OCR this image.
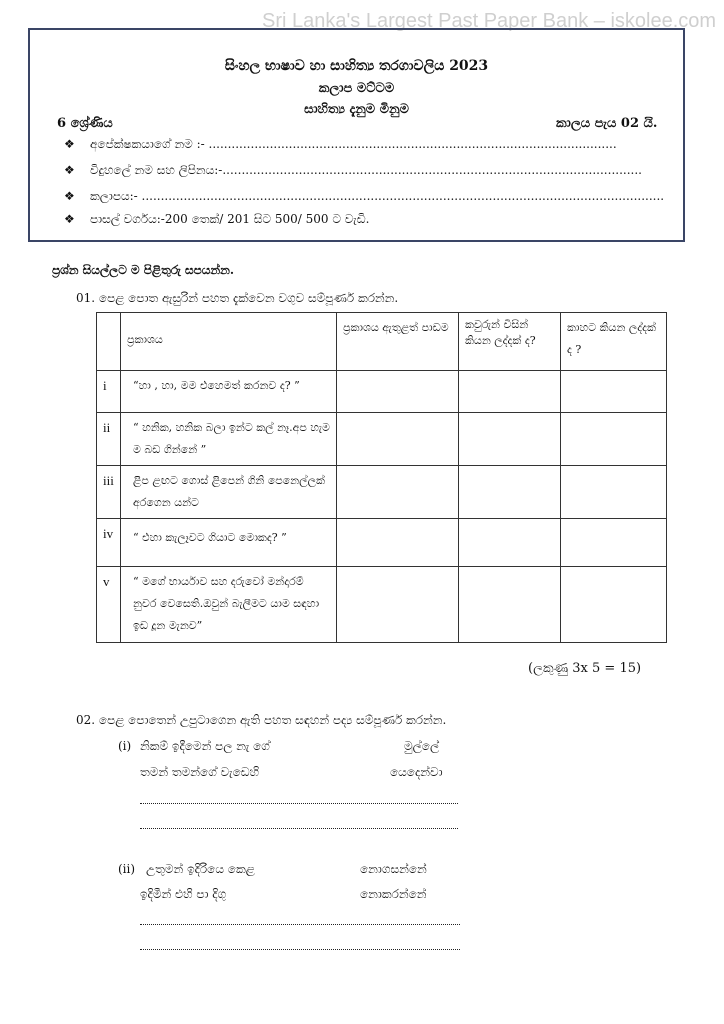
Sri Lanka's Largest Past Paper Bank – iskolee.com
සිංහල භාෂාව හා සාහිත්‍ය තරගාවලිය 2023
කලාප මට්ටම
සාහිත්‍ය දැනුම මිනුම
6 ශ්‍රේණිය	කාලය පැය 02 යි.
❖ අපේක්ෂකයාගේ නම :- ...........................................................................................................
❖ විදුහලේ නම සහ ලිපිනය:-..............................................................................................................
❖ කලාපය:- .........................................................................................................................................
❖ පාසල් වර්ගය:-200 තෙක්/ 201 සිට 500/ 500 ට වැඩි.
ප්‍රශ්න සියල්ලට ම පිළිතුරු සපයන්න.
01. පෙළ පොත ඇසුරින් පහත දැක්වෙන වගුව සම්පූර්ණ කරන්න.
	ප්‍රකාශය	ප්‍රකාශය ඇතුළත් පාඩම	කවුරුන් විසින් කියන ලද්දක් ද?	කාහට කියන ලද්දක් ද ?
i	“හා , හා, මම එහෙමත් කරනව ද? ”			
ii	“ හනික, හනික බලා ඉන්ට කල් නෑ.අප හැම ම බඩ ගින්නේ ”			
iii	ළිප ළඟට ගොස් ළිපෙන් ගිනි පෙනෙල්ලක් අරගෙන යන්ට			
iv	“ එහා කැලෑවට ගියාට මොකද? ”			
v	“ මගේ භාර්යාව සහ දරුවෝ මන්දාරම් නුවර වෙසෙති.ඔවුන් බැලීමට යාම සඳහා ඉඩ දූන මැනව”			
(ලකුණු 3x 5 = 15)
02. පෙළ පොතෙන් උපුටාගෙන ඇති පහත සඳහන් පද්‍ය සම්පූර්ණ කරන්න.
(i) නිකම් ඉදීමෙන් පල නැ ගේ	මුල්ලේ
තමන් තමන්ගේ වැඩෙහි	යෙදෙන්වා
(ii) උතුමන් ඉදිරියෙ කෙළ	නොගසන්නේ
ඉදිමීන් එහි පා දිගු	නොකරන්නේ
